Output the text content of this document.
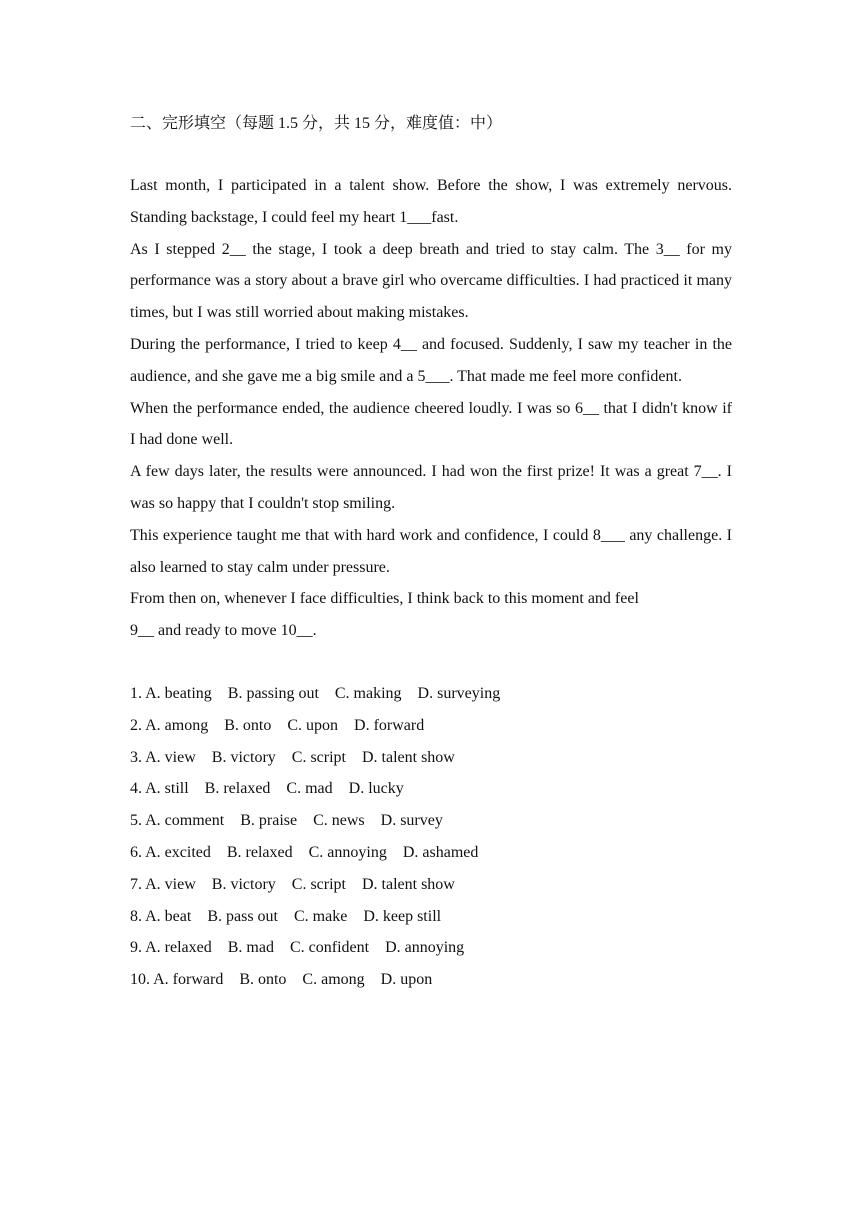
二、完形填空（每题 1.5 分，共 15 分，难度值：中）

Last month, I participated in a talent show. Before the show, I was extremely nervous. Standing backstage, I could feel my heart 1___fast.

As I stepped 2__ the stage, I took a deep breath and tried to stay calm. The 3__ for my performance was a story about a brave girl who overcame difficulties. I had practiced it many times, but I was still worried about making mistakes.

During the performance, I tried to keep 4__ and focused. Suddenly, I saw my teacher in the audience, and she gave me a big smile and a 5___. That made me feel more confident.

When the performance ended, the audience cheered loudly. I was so 6__ that I didn't know if I had done well.

A few days later, the results were announced. I had won the first prize! It was a great 7__. I was so happy that I couldn't stop smiling.

This experience taught me that with hard work and confidence, I could 8___ any challenge. I also learned to stay calm under pressure.

From then on, whenever I face difficulties, I think back to this moment and feel
9__ and ready to move 10__.
1. A. beating    B. passing out    C. making    D. surveying
2. A. among    B. onto    C. upon    D. forward
3. A. view    B. victory    C. script    D. talent show
4. A. still    B. relaxed    C. mad    D. lucky
5. A. comment    B. praise    C. news    D. survey
6. A. excited    B. relaxed    C. annoying    D. ashamed
7. A. view    B. victory    C. script    D. talent show
8. A. beat    B. pass out    C. make    D. keep still
9. A. relaxed    B. mad    C. confident    D. annoying
10. A. forward    B. onto    C. among    D. upon
